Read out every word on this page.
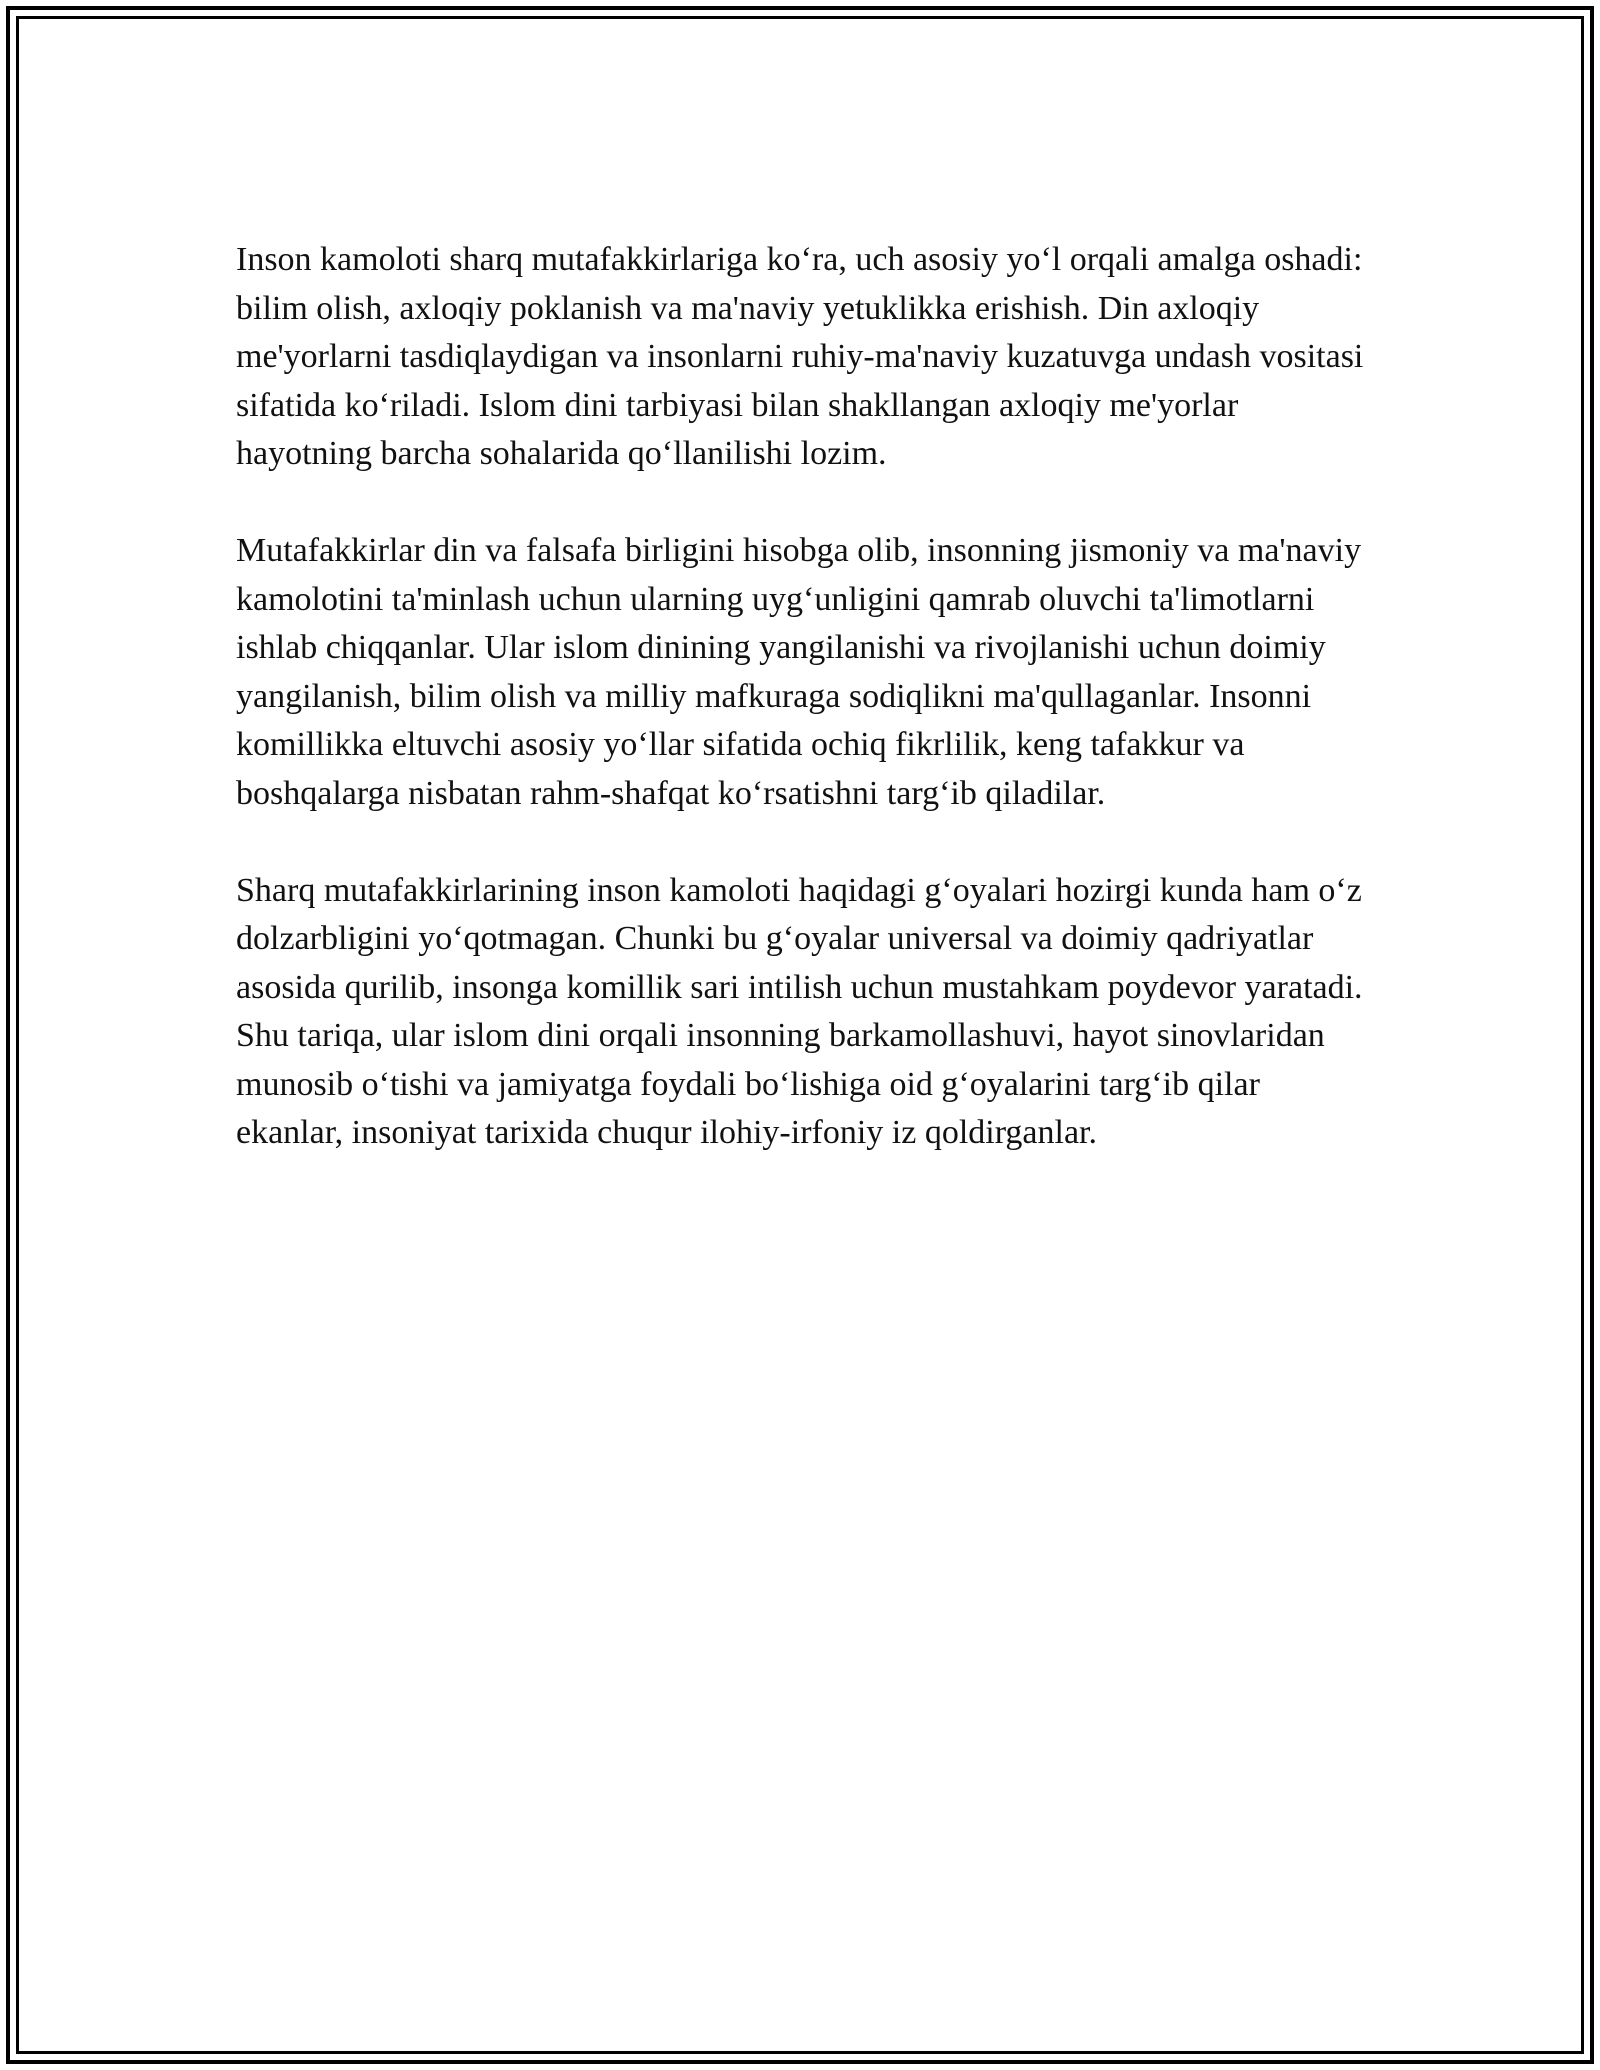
Inson kamoloti sharq mutafakkirlariga ko‘ra, uch asosiy yo‘l orqali amalga oshadi: bilim olish, axloqiy poklanish va ma'naviy yetuklikka erishish. Din axloqiy me'yorlarni tasdiqlaydigan va insonlarni ruhiy-ma'naviy kuzatuvga undash vositasi sifatida ko‘riladi. Islom dini tarbiyasi bilan shakllangan axloqiy me'yorlar hayotning barcha sohalarida qo‘llanilishi lozim.

Mutafakkirlar din va falsafa birligini hisobga olib, insonning jismoniy va ma'naviy kamolotini ta'minlash uchun ularning uyg‘unligini qamrab oluvchi ta'limotlarni ishlab chiqqanlar. Ular islom dinining yangilanishi va rivojlanishi uchun doimiy yangilanish, bilim olish va milliy mafkuraga sodiqlikni ma'qullaganlar. Insonni komillikka eltuvchi asosiy yo‘llar sifatida ochiq fikrlilik, keng tafakkur va boshqalarga nisbatan rahm-shafqat ko‘rsatishni targ‘ib qiladilar.

Sharq mutafakkirlarining inson kamoloti haqidagi g‘oyalari hozirgi kunda ham o‘z dolzarbligini yo‘qotmagan. Chunki bu g‘oyalar universal va doimiy qadriyatlar asosida qurilib, insonga komillik sari intilish uchun mustahkam poydevor yaratadi. Shu tariqa, ular islom dini orqali insonning barkamollashuvi, hayot sinovlaridan munosib o‘tishi va jamiyatga foydali bo‘lishiga oid g‘oyalarini targ‘ib qilar ekanlar, insoniyat tarixida chuqur ilohiy-irfoniy iz qoldirganlar.
